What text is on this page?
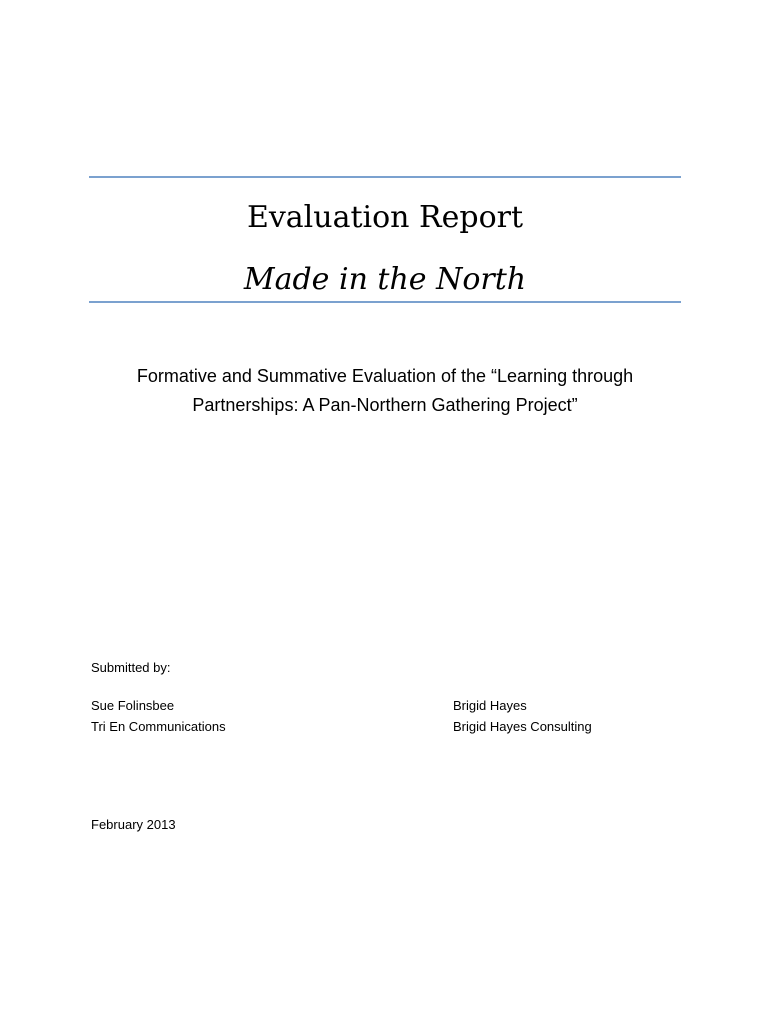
Evaluation Report
Made in the North
Formative and Summative Evaluation of the “Learning through
Partnerships: A Pan-Northern Gathering Project”
Submitted by:
Sue Folinsbee
Tri En Communications
Brigid Hayes
Brigid Hayes Consulting
February 2013
